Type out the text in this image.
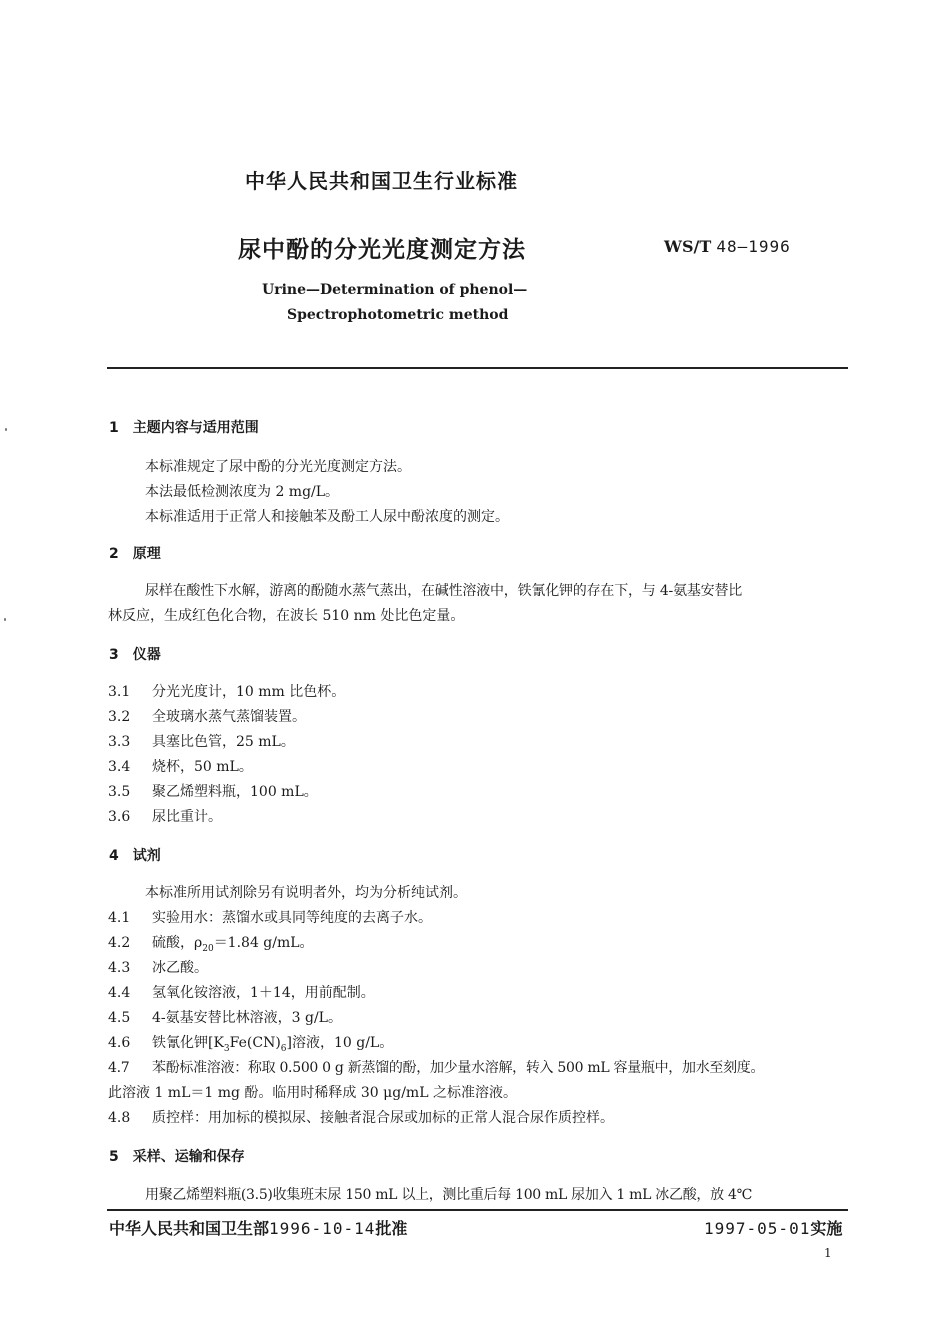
中华人民共和国卫生行业标准
尿中酚的分光光度测定方法	WS/T 48—1996
Urine—Determination of phenol—
Spectrophotometric method
1　主题内容与适用范围
本标准规定了尿中酚的分光光度测定方法。
本法最低检测浓度为 2 mg/L。
本标准适用于正常人和接触苯及酚工人尿中酚浓度的测定。
2　原理
尿样在酸性下水解，游离的酚随水蒸气蒸出，在碱性溶液中，铁氰化钾的存在下，与 4-氨基安替比
林反应，生成红色化合物，在波长 510 nm 处比色定量。
3　仪器
3.1 分光光度计，10 mm 比色杯。
3.2 全玻璃水蒸气蒸馏装置。
3.3 具塞比色管，25 mL。
3.4 烧杯，50 mL。
3.5 聚乙烯塑料瓶，100 mL。
3.6 尿比重计。
4　试剂
本标准所用试剂除另有说明者外，均为分析纯试剂。
4.1 实验用水：蒸馏水或具同等纯度的去离子水。
4.2 硫酸，$\rho_{20}=1.84$ g/mL。
4.3 冰乙酸。
4.4 氢氧化铵溶液，1＋14，用前配制。
4.5 4-氨基安替比林溶液，3 g/L。
4.6 铁氰化钾$[K_3Fe(CN)_6]$溶液，10 g/L。
4.7 苯酚标准溶液：称取 0.500 0 g 新蒸馏的酚，加少量水溶解，转入 500 mL 容量瓶中，加水至刻度。
此溶液 1 mL＝1 mg 酚。临用时稀释成 30 μg/mL 之标准溶液。
4.8 质控样：用加标的模拟尿、接触者混合尿或加标的正常人混合尿作质控样。
5　采样、运输和保存
用聚乙烯塑料瓶(3.5)收集班末尿 150 mL 以上，测比重后每 100 mL 尿加入 1 mL 冰乙酸，放 4℃
中华人民共和国卫生部1996-10-14批准	1997-05-01实施
1
